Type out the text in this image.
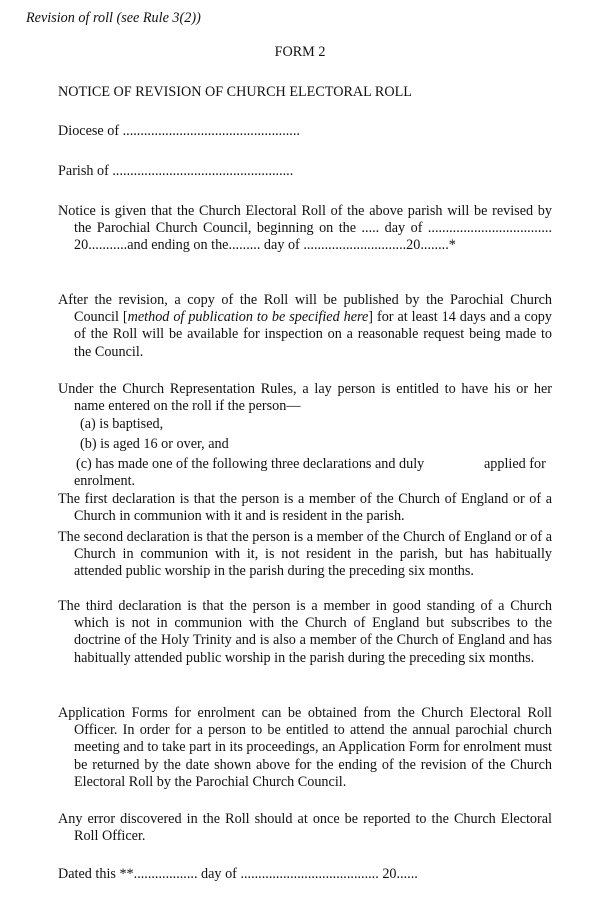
Revision of roll (see Rule 3(2))
FORM 2
NOTICE OF REVISION OF CHURCH ELECTORAL ROLL
Diocese of ..................................................
Parish of ...................................................
Notice is given that the Church Electoral Roll of the above parish will be revised by the Parochial Church Council, beginning on the ..... day of ................................... 20...........and ending on the......... day of .............................20........*
After the revision, a copy of the Roll will be published by the Parochial Church Council [method of publication to be specified here] for at least 14 days and a copy of the Roll will be available for inspection on a reasonable request being made to the Council.
Under the Church Representation Rules, a lay person is entitled to have his or her name entered on the roll if the person—
(a) is baptised,
(b) is aged 16 or over, and
(c) has made one of the following three declarations and duly	applied for
enrolment.
The first declaration is that the person is a member of the Church of England or of a Church in communion with it and is resident in the parish.
The second declaration is that the person is a member of the Church of England or of a Church in communion with it, is not resident in the parish, but has habitually attended public worship in the parish during the preceding six months.
The third declaration is that the person is a member in good standing of a Church which is not in communion with the Church of England but subscribes to the doctrine of the Holy Trinity and is also a member of the Church of England and has habitually attended public worship in the parish during the preceding six months.
Application Forms for enrolment can be obtained from the Church Electoral Roll Officer. In order for a person to be entitled to attend the annual parochial church meeting and to take part in its proceedings, an Application Form for enrolment must be returned by the date shown above for the ending of the revision of the Church Electoral Roll by the Parochial Church Council.
Any error discovered in the Roll should at once be reported to the Church Electoral Roll Officer.
Dated this **.................. day of ....................................... 20......
